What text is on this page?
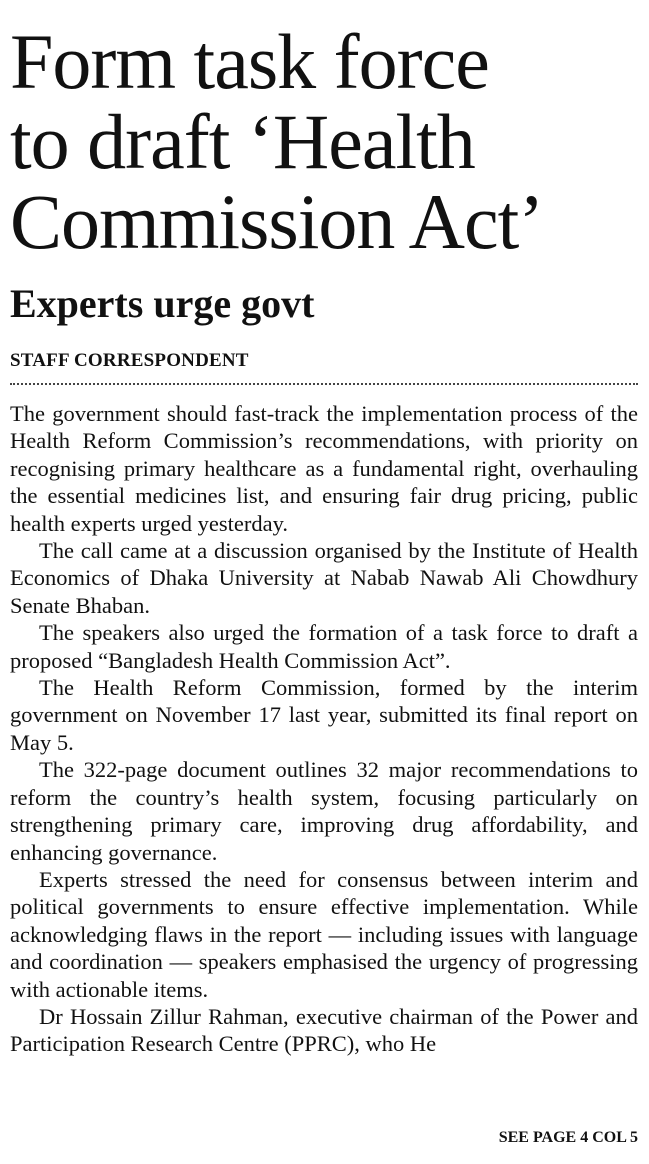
Form task force
to draft ‘Health
Commission Act’
Experts urge govt
STAFF CORRESPONDENT

The government should fast-track the implementation process of the Health Reform Commission’s recommendations, with priority on recognising primary healthcare as a fundamental right, overhauling the essential medicines list, and ensuring fair drug pricing, public health experts urged yesterday.

The call came at a discussion organised by the Institute of Health Economics of Dhaka University at Nabab Nawab Ali Chowdhury Senate Bhaban.

The speakers also urged the formation of a task force to draft a proposed “Bangladesh Health Commission Act”.

The Health Reform Commission, formed by the interim government on November 17 last year, submitted its final report on May 5.

The 322-page document outlines 32 major recommendations to reform the country’s health system, focusing particularly on strengthening primary care, improving drug affordability, and enhancing governance.

Experts stressed the need for consensus between interim and political governments to ensure effective implementation. While acknowledging flaws in the report — including issues with language and coordination — speakers emphasised the urgency of progressing with actionable items.

Dr Hossain Zillur Rahman, executive chairman of the Power and Participation Research Centre (PPRC), who He

SEE PAGE 4 COL 5
